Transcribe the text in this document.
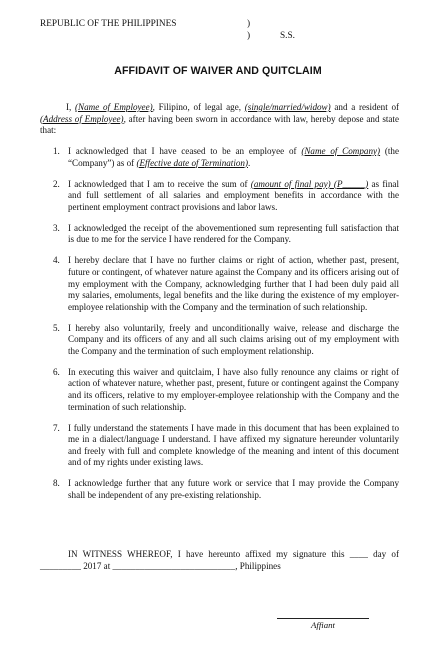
REPUBLIC OF THE PHILIPPINES	)
)	S.S.
AFFIDAVIT OF WAIVER AND QUITCLAIM

I, (Name of Employee), Filipino, of legal age, (single/married/widow) and a resident of (Address of Employee), after having been sworn in accordance with law, hereby depose and state that:

1. I acknowledged that I have ceased to be an employee of (Name of Company) (the “Company”) as of (Effective date of Termination).
2. I acknowledged that I am to receive the sum of (amount of final pay) (P_____) as final and full settlement of all salaries and employment benefits in accordance with the pertinent employment contract provisions and labor laws.
3. I acknowledged the receipt of the abovementioned sum representing full satisfaction that is due to me for the service I have rendered for the Company.
4. I hereby declare that I have no further claims or right of action, whether past, present, future or contingent, of whatever nature against the Company and its officers arising out of my employment with the Company, acknowledging further that I had been duly paid all my salaries, emoluments, legal benefits and the like during the existence of my employer-employee relationship with the Company and the termination of such relationship.
5. I hereby also voluntarily, freely and unconditionally waive, release and discharge the Company and its officers of any and all such claims arising out of my employment with the Company and the termination of such employment relationship.
6. In executing this waiver and quitclaim, I have also fully renounce any claims or right of action of whatever nature, whether past, present, future or contingent against the Company and its officers, relative to my employer-employee relationship with the Company and the termination of such relationship.
7. I fully understand the statements I have made in this document that has been explained to me in a dialect/language I understand. I have affixed my signature hereunder voluntarily and freely with full and complete knowledge of the meaning and intent of this document and of my rights under existing laws.
8. I acknowledge further that any future work or service that I may provide the Company shall be independent of any pre-existing relationship.

IN WITNESS WHEREOF, I have hereunto affixed my signature this ____ day of _________ 2017 at ___________________________, Philippines

Affiant
